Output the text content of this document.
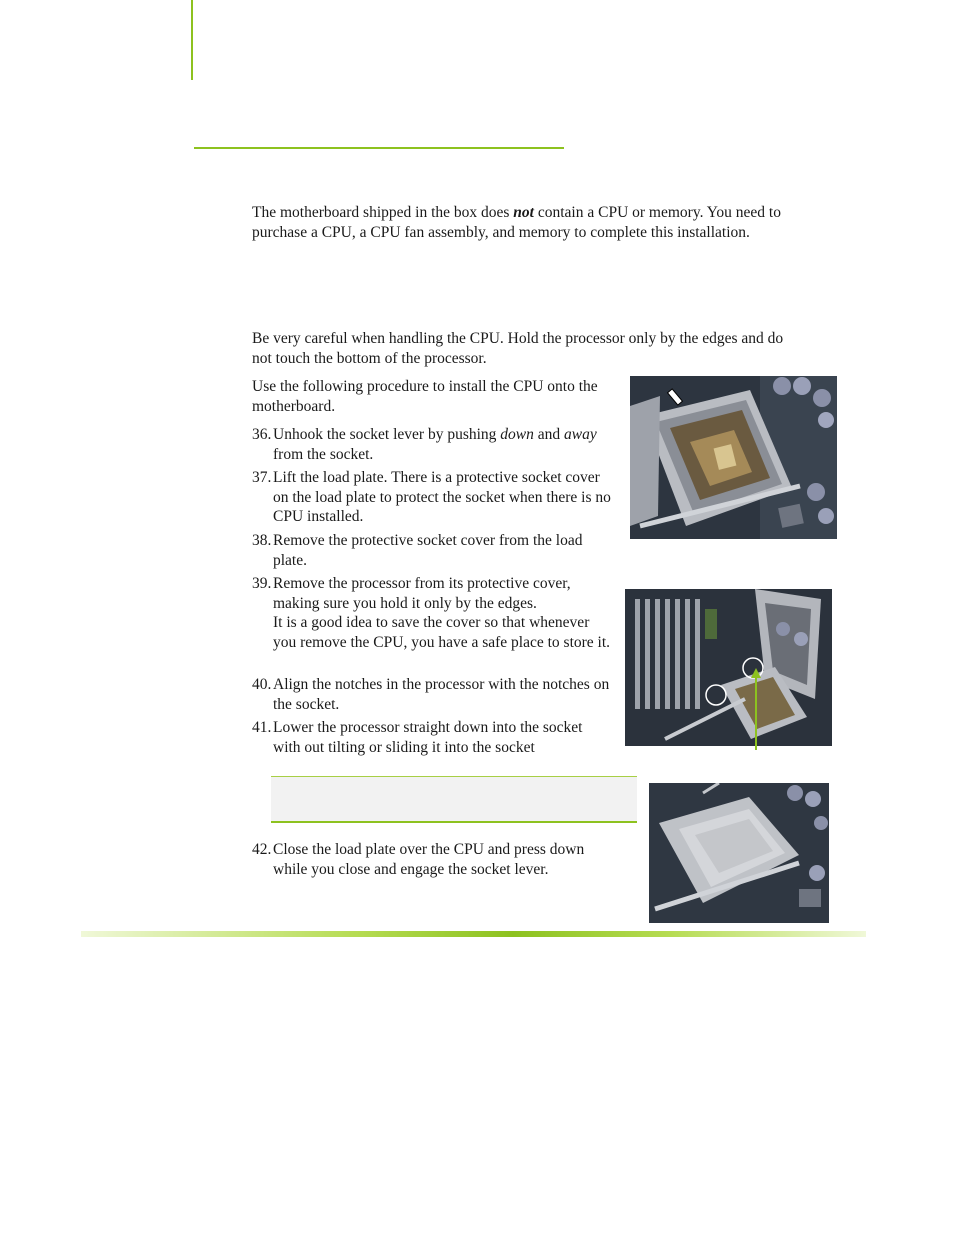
The motherboard shipped in the box does not contain a CPU or memory. You need to purchase a CPU, a CPU fan assembly, and memory to complete this installation.

Be very careful when handling the CPU. Hold the processor only by the edges and do not touch the bottom of the processor.

Use the following procedure to install the CPU onto the motherboard.

36. Unhook the socket lever by pushing down and away from the socket.
37. Lift the load plate. There is a protective socket cover on the load plate to protect the socket when there is no CPU installed.
38. Remove the protective socket cover from the load plate.
39. Remove the processor from its protective cover, making sure you hold it only by the edges.
It is a good idea to save the cover so that whenever you remove the CPU, you have a safe place to store it.
40. Align the notches in the processor with the notches on the socket.
41. Lower the processor straight down into the socket with out tilting or sliding it into the socket
42. Close the load plate over the CPU and press down while you close and engage the socket lever.
